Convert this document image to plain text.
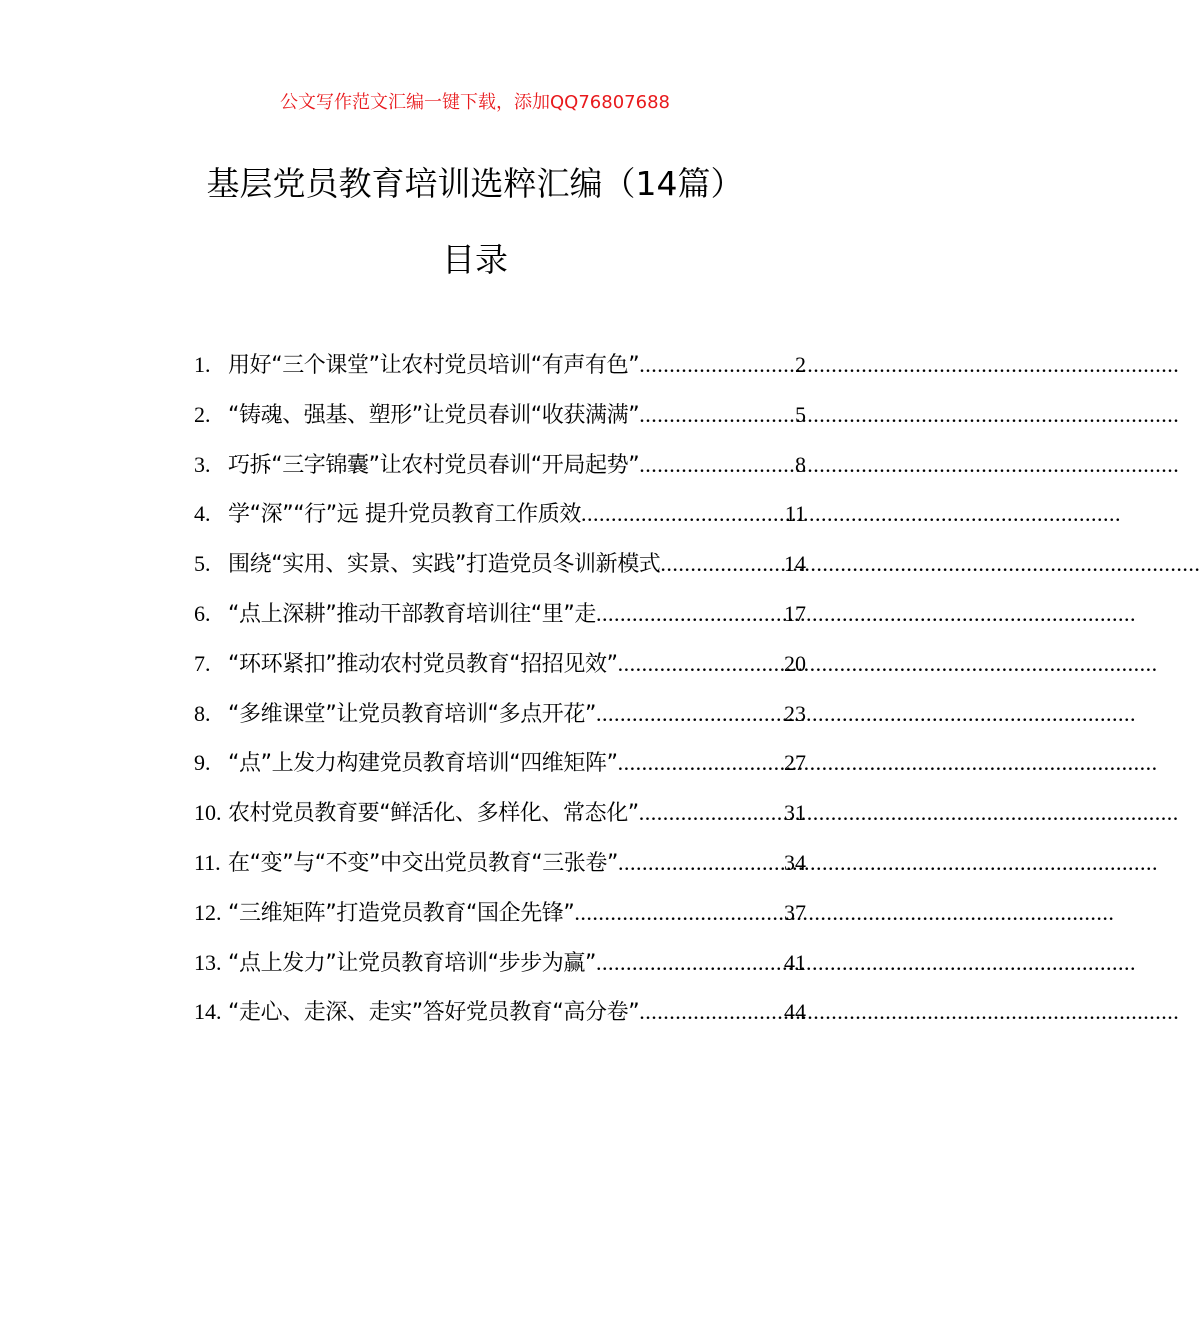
公文写作范文汇编一键下载，添加QQ76807688
基层党员教育培训选粹汇编（14篇）
目录
1. 用好“三个课堂”让农村党员培训“有声有色” .....	2
2. “铸魂、强基、塑形”让党员春训“收获满满” .....	5
3. 巧拆“三字锦囊”让农村党员春训“开局起势” .....	8
4. 学“深”“行”远 提升党员教育工作质效 .....	11
5. 围绕“实用、实景、实践”打造党员冬训新模式 .....	14
6. “点上深耕”推动干部教育培训往“里”走 .....	17
7. “环环紧扣”推动农村党员教育“招招见效” .....	20
8. “多维课堂”让党员教育培训“多点开花” .....	23
9. “点”上发力构建党员教育培训“四维矩阵” .....	27
10. 农村党员教育要“鲜活化、多样化、常态化” .....	31
11. 在“变”与“不变”中交出党员教育“三张卷” .....	34
12. “三维矩阵”打造党员教育“国企先锋” .....	37
13. “点上发力”让党员教育培训“步步为赢” .....	41
14. “走心、走深、走实”答好党员教育“高分卷” .....	44
